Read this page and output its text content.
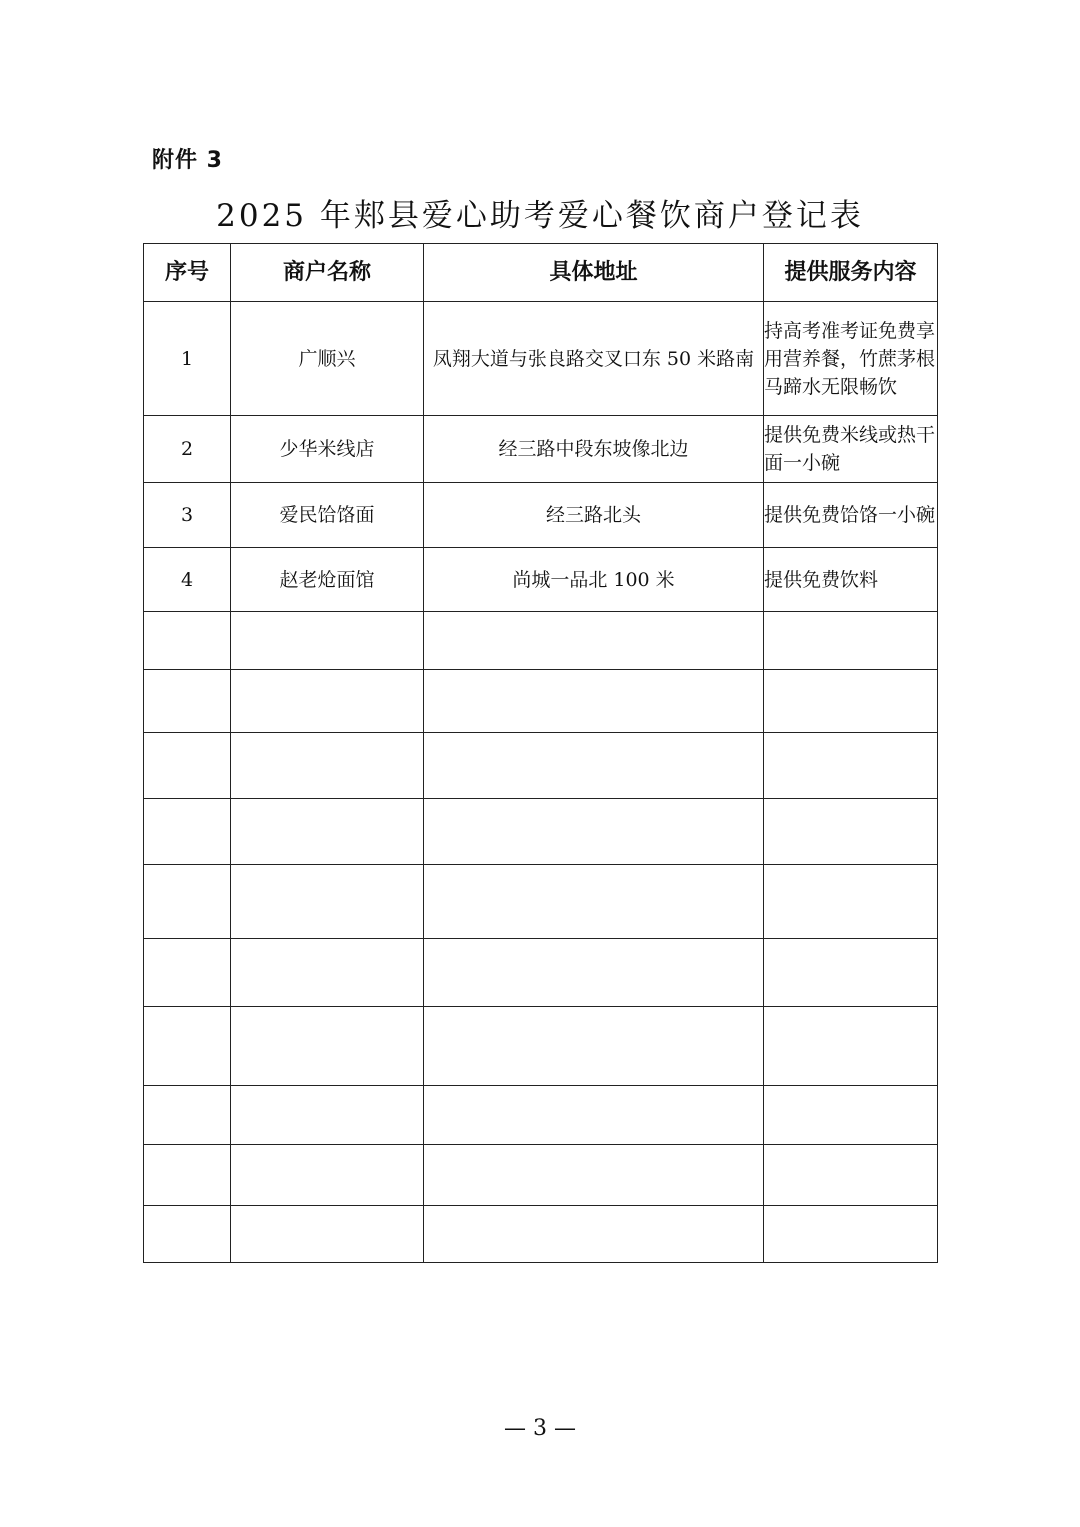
附件 3
2025 年郏县爱心助考爱心餐饮商户登记表
序号	商户名称	具体地址	提供服务内容
1	广顺兴	凤翔大道与张良路交叉口东 50 米路南	持高考准考证免费享用营养餐，竹蔗茅根马蹄水无限畅饮
2	少华米线店	经三路中段东坡像北边	提供免费米线或热干面一小碗
3	爱民饸饹面	经三路北头	提供免费饸饹一小碗
4	赵老炝面馆	尚城一品北 100 米	提供免费饮料

— 3 —
